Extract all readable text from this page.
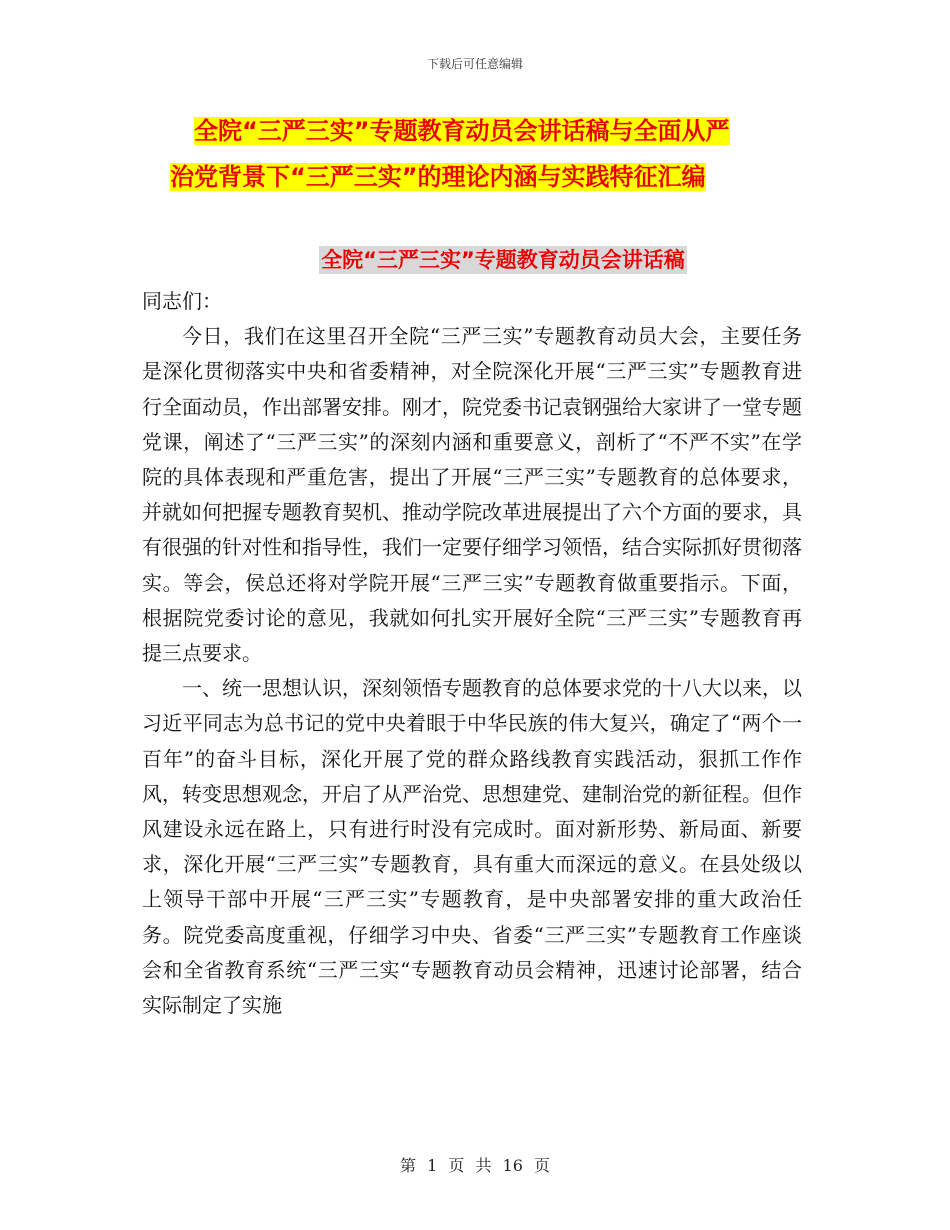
下载后可任意编辑
全院“三严三实”专题教育动员会讲话稿与全面从严
治党背景下“三严三实”的理论内涵与实践特征汇编
全院“三严三实”专题教育动员会讲话稿

同志们：

今日，我们在这里召开全院“三严三实”专题教育动员大会，主要任务是深化贯彻落实中央和省委精神，对全院深化开展“三严三实”专题教育进行全面动员，作出部署安排。刚才，院党委书记袁钢强给大家讲了一堂专题党课，阐述了“三严三实”的深刻内涵和重要意义，剖析了“不严不实”在学院的具体表现和严重危害，提出了开展“三严三实”专题教育的总体要求，并就如何把握专题教育契机、推动学院改革进展提出了六个方面的要求，具有很强的针对性和指导性，我们一定要仔细学习领悟，结合实际抓好贯彻落实。等会，侯总还将对学院开展“三严三实”专题教育做重要指示。下面，根据院党委讨论的意见，我就如何扎实开展好全院“三严三实”专题教育再提三点要求。

一、统一思想认识，深刻领悟专题教育的总体要求党的十八大以来，以习近平同志为总书记的党中央着眼于中华民族的伟大复兴，确定了“两个一百年”的奋斗目标，深化开展了党的群众路线教育实践活动，狠抓工作作风，转变思想观念，开启了从严治党、思想建党、建制治党的新征程。但作风建设永远在路上，只有进行时没有完成时。面对新形势、新局面、新要求，深化开展“三严三实”专题教育，具有重大而深远的意义。在县处级以上领导干部中开展“三严三实”专题教育，是中央部署安排的重大政治任务。院党委高度重视，仔细学习中央、省委“三严三实”专题教育工作座谈会和全省教育系统“三严三实“专题教育动员会精神，迅速讨论部署，结合实际制定了实施

第 1 页 共 16 页
